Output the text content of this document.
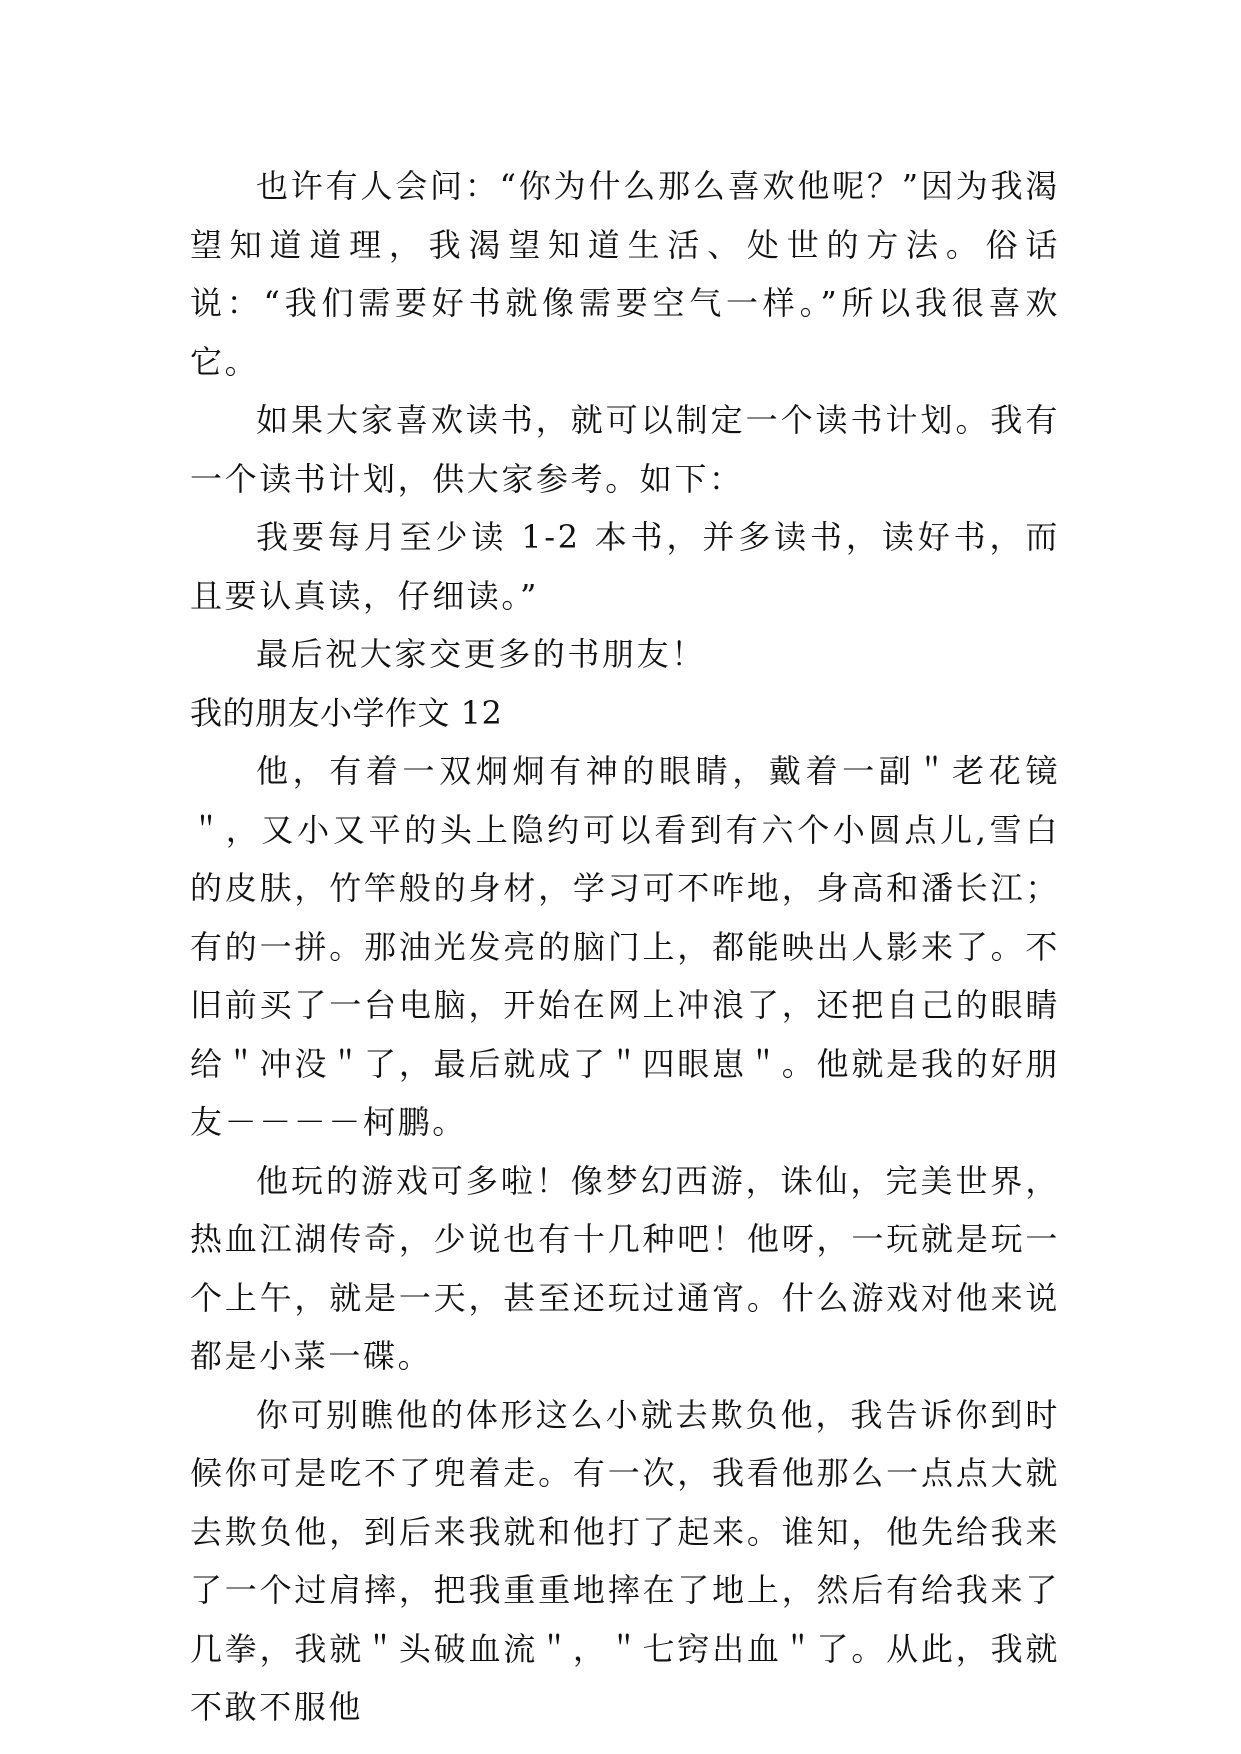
也许有人会问：“你为什么那么喜欢他呢？”因为我渴望知道道理，我渴望知道生活、处世的方法。俗话说：“我们需要好书就像需要空气一样。”所以我很喜欢它。

如果大家喜欢读书，就可以制定一个读书计划。我有一个读书计划，供大家参考。如下：

我要每月至少读 1-2 本书，并多读书，读好书，而且要认真读，仔细读。”

最后祝大家交更多的书朋友！

我的朋友小学作文 12

他，有着一双炯炯有神的眼睛，戴着一副＂老花镜＂，又小又平的头上隐约可以看到有六个小圆点儿,雪白的皮肤，竹竿般的身材，学习可不咋地，身高和潘长江；有的一拼。那油光发亮的脑门上，都能映出人影来了。不旧前买了一台电脑，开始在网上冲浪了，还把自己的眼睛给＂冲没＂了，最后就成了＂四眼崽＂。他就是我的好朋友－－－－柯鹏。

他玩的游戏可多啦！像梦幻西游，诛仙，完美世界，热血江湖传奇，少说也有十几种吧！他呀，一玩就是玩一个上午，就是一天，甚至还玩过通宵。什么游戏对他来说都是小菜一碟。

你可别瞧他的体形这么小就去欺负他，我告诉你到时候你可是吃不了兜着走。有一次，我看他那么一点点大就去欺负他，到后来我就和他打了起来。谁知，他先给我来了一个过肩摔，把我重重地摔在了地上，然后有给我来了几拳，我就＂头破血流＂，＂七窍出血＂了。从此，我就不敢不服他
